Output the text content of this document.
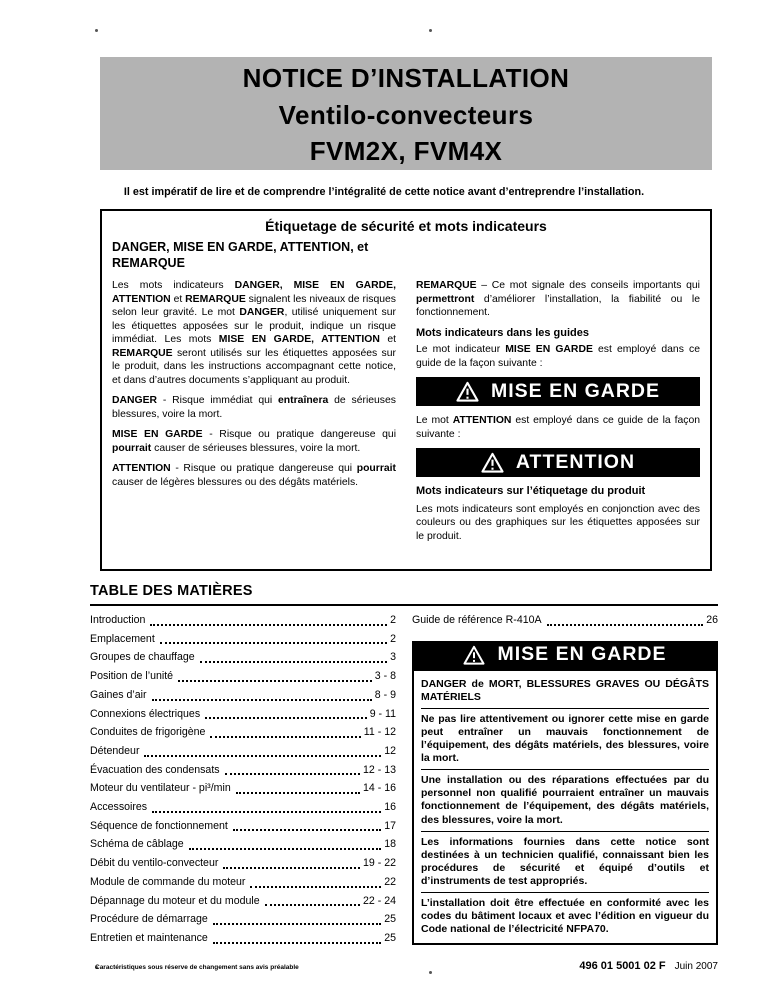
NOTICE D’INSTALLATION
Ventilo-convecteurs
FVM2X, FVM4X

Il est impératif de lire et de comprendre l’intégralité de cette notice avant d’entreprendre l’installation.

Étiquetage de sécurité et mots indicateurs
DANGER, MISE EN GARDE, ATTENTION, et REMARQUE

Les mots indicateurs DANGER, MISE EN GARDE, ATTENTION et REMARQUE signalent les niveaux de risques selon leur gravité. Le mot DANGER, utilisé uniquement sur les étiquettes apposées sur le produit, indique un risque immédiat. Les mots MISE EN GARDE, ATTENTION et REMARQUE seront utilisés sur les étiquettes apposées sur le produit, dans les instructions accompagnant cette notice, et dans d’autres documents s’appliquant au produit.

DANGER - Risque immédiat qui entraînera de sérieuses blessures, voire la mort.

MISE EN GARDE - Risque ou pratique dangereuse qui pourrait causer de sérieuses blessures, voire la mort.

ATTENTION - Risque ou pratique dangereuse qui pourrait causer de légères blessures ou des dégâts matériels.

REMARQUE – Ce mot signale des conseils importants qui permettront d’améliorer l’installation, la fiabilité ou le fonctionnement.

Mots indicateurs dans les guides

Le mot indicateur MISE EN GARDE est employé dans ce guide de la façon suivante :

MISE EN GARDE

Le mot ATTENTION est employé dans ce guide de la façon suivante :

ATTENTION
Mots indicateurs sur l’étiquetage du produit

Les mots indicateurs sont employés en conjonction avec des couleurs ou des graphiques sur les étiquettes apposées sur le produit.

TABLE DES MATIÈRES
Introduction	2
Emplacement	2
Groupes de chauffage	3
Position de l’unité	3 - 8
Gaines d’air	8 - 9
Connexions électriques	9 - 11
Conduites de frigorigène	11 - 12
Détendeur	12
Évacuation des condensats	12 - 13
Moteur du ventilateur - pi³/min	14 - 16
Accessoires	16
Séquence de fonctionnement	17
Schéma de câblage	18
Débit du ventilo-convecteur	19 - 22
Module de commande du moteur	22
Dépannage du moteur et du module	22 - 24
Procédure de démarrage	25
Entretien et maintenance	25
Guide de référence R-410A	26
MISE EN GARDE

DANGER de MORT, BLESSURES GRAVES OU DÉGÂTS MATÉRIELS

Ne pas lire attentivement ou ignorer cette mise en garde peut entraîner un mauvais fonctionnement de l’équipement, des dégâts matériels, des blessures, voire la mort.

Une installation ou des réparations effectuées par du personnel non qualifié pourraient entraîner un mauvais fonctionnement de l’équipement, des dégâts matériels, des blessures, voire la mort.

Les informations fournies dans cette notice sont destinées à un technicien qualifié, connaissant bien les procédures de sécurité et équipé d’outils et d’instruments de test appropriés.

L’installation doit être effectuée en conformité avec les codes du bâtiment locaux et avec l’édition en vigueur du Code national de l’électricité NFPA70.

Caractéristiques sous réserve de changement sans avis préalable	496 01 5001 02 F Juin 2007
